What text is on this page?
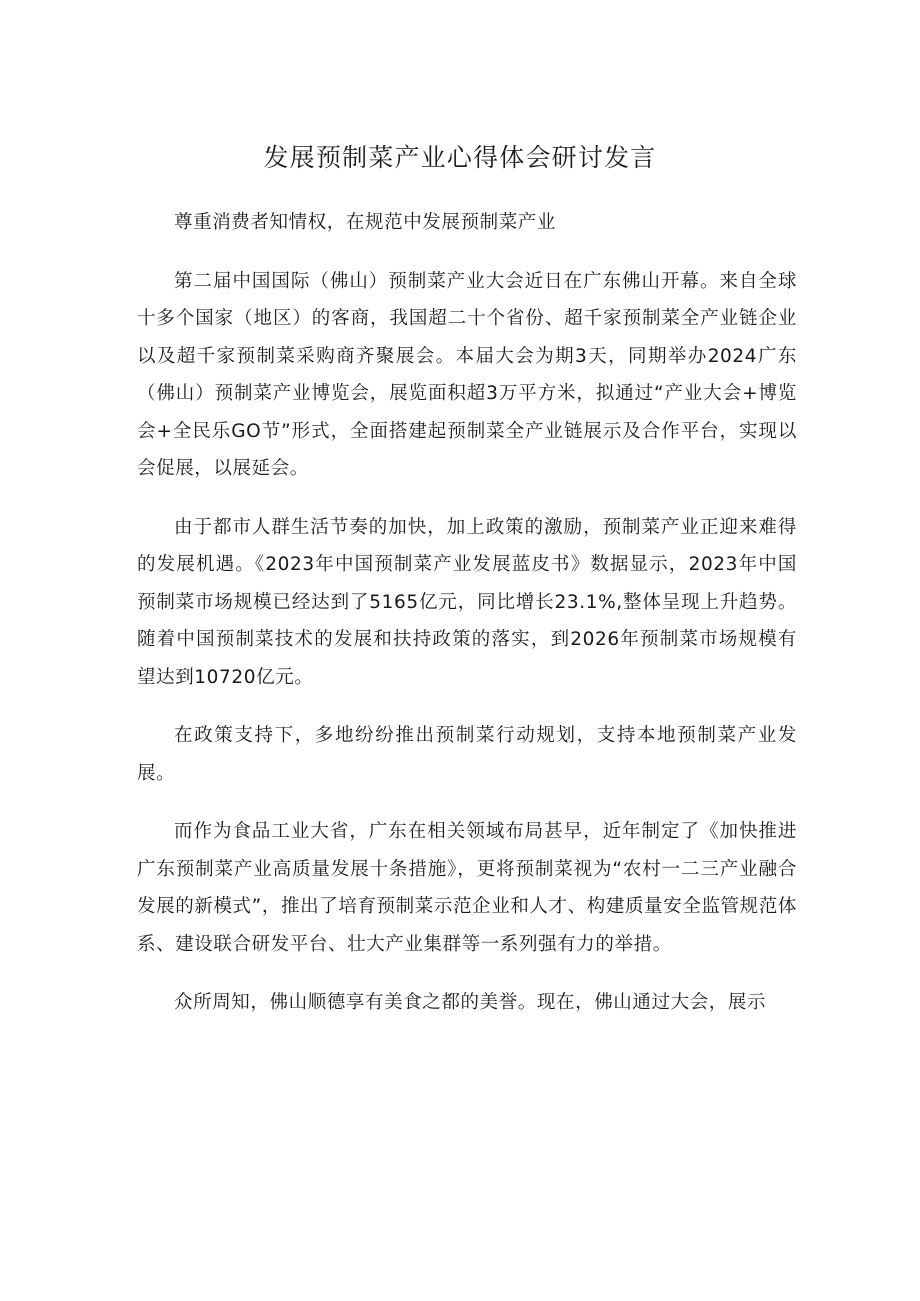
发展预制菜产业心得体会研讨发言

尊重消费者知情权，在规范中发展预制菜产业

第二届中国国际（佛山）预制菜产业大会近日在广东佛山开幕。来自全球十多个国家（地区）的客商，我国超二十个省份、超千家预制菜全产业链企业以及超千家预制菜采购商齐聚展会。本届大会为期3天，同期举办2024广东（佛山）预制菜产业博览会，展览面积超3万平方米，拟通过“产业大会+博览会+全民乐GO节”形式，全面搭建起预制菜全产业链展示及合作平台，实现以会促展，以展延会。

由于都市人群生活节奏的加快，加上政策的激励，预制菜产业正迎来难得的发展机遇。《2023年中国预制菜产业发展蓝皮书》数据显示，2023年中国预制菜市场规模已经达到了5165亿元，同比增长23.1%,整体呈现上升趋势。随着中国预制菜技术的发展和扶持政策的落实，到2026年预制菜市场规模有望达到10720亿元。

在政策支持下，多地纷纷推出预制菜行动规划，支持本地预制菜产业发展。

而作为食品工业大省，广东在相关领域布局甚早，近年制定了《加快推进广东预制菜产业高质量发展十条措施》，更将预制菜视为“农村一二三产业融合发展的新模式”，推出了培育预制菜示范企业和人才、构建质量安全监管规范体系、建设联合研发平台、壮大产业集群等一系列强有力的举措。

众所周知，佛山顺德享有美食之都的美誉。现在，佛山通过大会，展示
